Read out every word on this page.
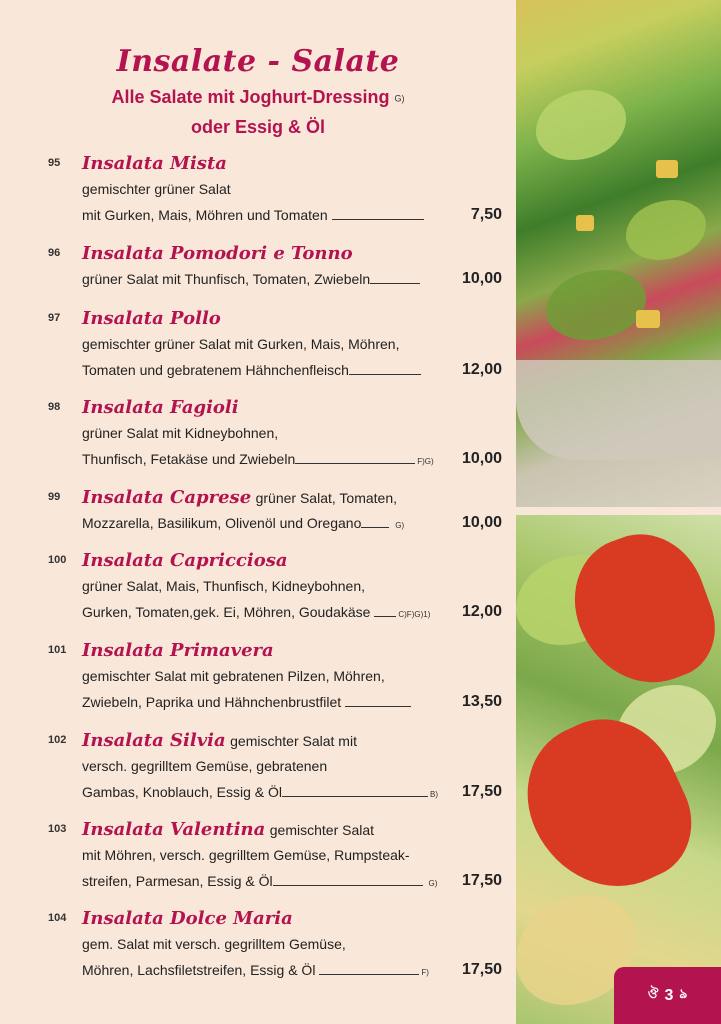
Insalate - Salate
Alle Salate mit Joghurt-Dressing G)
oder Essig & Öl
95 Insalata Mista
gemischter grüner Salat
mit Gurken, Mais, Möhren und Tomaten	7,50
96 Insalata Pomodori e Tonno
grüner Salat mit Thunfisch, Tomaten, Zwiebeln	10,00
97 Insalata Pollo
gemischter grüner Salat mit Gurken, Mais, Möhren,
Tomaten und gebratenem Hähnchenfleisch	12,00
98 Insalata Fagioli
grüner Salat mit Kidneybohnen,
Thunfisch, Fetakäse und Zwiebeln	F)G) 10,00
99 Insalata Caprese grüner Salat, Tomaten,
Mozzarella, Basilikum, Olivenöl und Oregano	G)	10,00
100 Insalata Capricciosa
grüner Salat, Mais, Thunfisch, Kidneybohnen,
Gurken, Tomaten,gek. Ei, Möhren, Goudakäse	C)F)G)1) 12,00
101 Insalata Primavera
gemischter Salat mit gebratenen Pilzen, Möhren,
Zwiebeln, Paprika und Hähnchenbrustfilet	13,50
102 Insalata Silvia gemischter Salat mit
versch. gegrilltem Gemüse, gebratenen
Gambas, Knoblauch, Essig & Öl	B) 17,50
103 Insalata Valentina gemischter Salat
mit Möhren, versch. gegrilltem Gemüse, Rumpsteak-
streifen, Parmesan, Essig & Öl	G) 17,50
104 Insalata Dolce Maria
gem. Salat mit versch. gegrilltem Gemüse,
Möhren, Lachsfiletstreifen, Essig & Öl	F) 17,50
ঔ 3 ঌ
